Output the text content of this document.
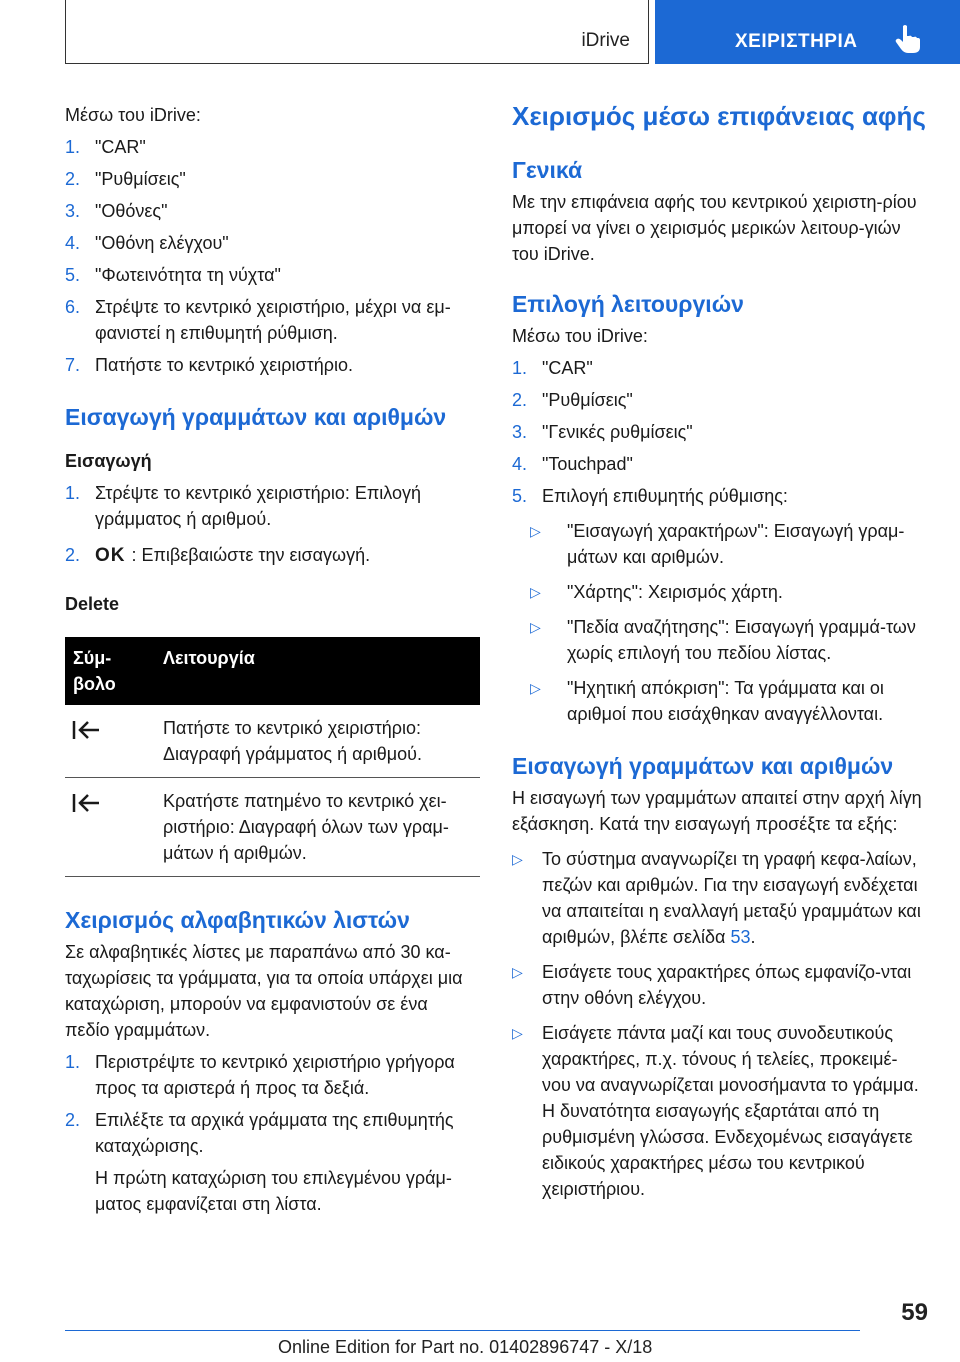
iDrive	ΧΕΙΡΙΣΤΗΡΙΑ

Μέσω του iDrive:

1. "CAR"
2. "Ρυθμίσεις"
3. "Οθόνες"
4. "Οθόνη ελέγχου"
5. "Φωτεινότητα τη νύχτα"
6. Στρέψτε το κεντρικό χειριστήριο, μέχρι να εμ‐φανιστεί η επιθυμητή ρύθμιση.
7. Πατήστε το κεντρικό χειριστήριο.
Εισαγωγή γραμμάτων και αριθμών
Εισαγωγή
1. Στρέψτε το κεντρικό χειριστήριο: Επιλογή γράμματος ή αριθμού.
2. OK : Επιβεβαιώστε την εισαγωγή.
Delete
Σύμ‐βολο	Λειτουργία
	Πατήστε το κεντρικό χειριστήριο: Διαγραφή γράμματος ή αριθμού.
	Κρατήστε πατημένο το κεντρικό χει‐ριστήριο: Διαγραφή όλων των γραμ‐μάτων ή αριθμών.
Χειρισμός αλφαβητικών λιστών

Σε αλφαβητικές λίστες με παραπάνω από 30 κα‐ταχωρίσεις τα γράμματα, για τα οποία υπάρχει μια καταχώριση, μπορούν να εμφανιστούν σε ένα πεδίο γραμμάτων.

1. Περιστρέψτε το κεντρικό χειριστήριο γρήγορα προς τα αριστερά ή προς τα δεξιά.
2. Επιλέξτε τα αρχικά γράμματα της επιθυμητής καταχώρισης.

Η πρώτη καταχώριση του επιλεγμένου γράμ‐ματος εμφανίζεται στη λίστα.

Χειρισμός μέσω επιφάνειας αφής
Γενικά

Με την επιφάνεια αφής του κεντρικού χειριστη‐ρίου μπορεί να γίνει ο χειρισμός μερικών λειτουρ‐γιών του iDrive.

Επιλογή λειτουργιών

Μέσω του iDrive:

1. "CAR"
2. "Ρυθμίσεις"
3. "Γενικές ρυθμίσεις"
4. "Touchpad"
5. Επιλογή επιθυμητής ρύθμισης:
▷ "Εισαγωγή χαρακτήρων": Εισαγωγή γραμ‐μάτων και αριθμών.
▷ "Χάρτης": Χειρισμός χάρτη.
▷ "Πεδία αναζήτησης": Εισαγωγή γραμμά‐των χωρίς επιλογή του πεδίου λίστας.
▷ "Ηχητική απόκριση": Τα γράμματα και οι αριθμοί που εισάχθηκαν αναγγέλλονται.
Εισαγωγή γραμμάτων και αριθμών

Η εισαγωγή των γραμμάτων απαιτεί στην αρχή λίγη εξάσκηση. Κατά την εισαγωγή προσέξτε τα εξής:

▷ Το σύστημα αναγνωρίζει τη γραφή κεφα‐λαίων, πεζών και αριθμών. Για την εισαγωγή ενδέχεται να απαιτείται η εναλλαγή μεταξύ γραμμάτων και αριθμών, βλέπε σελίδα 53.
▷ Εισάγετε τους χαρακτήρες όπως εμφανίζο‐νται στην οθόνη ελέγχου.
▷ Εισάγετε πάντα μαζί και τους συνοδευτικούς χαρακτήρες, π.χ. τόνους ή τελείες, προκειμέ‐νου να αναγνωρίζεται μονοσήμαντα το γράμμα. Η δυνατότητα εισαγωγής εξαρτάται από τη ρυθμισμένη γλώσσα. Ενδεχομένως εισαγάγετε ειδικούς χαρακτήρες μέσω του κεντρικού χειριστήριου.
59
Online Edition for Part no. 01402896747 - X/18
